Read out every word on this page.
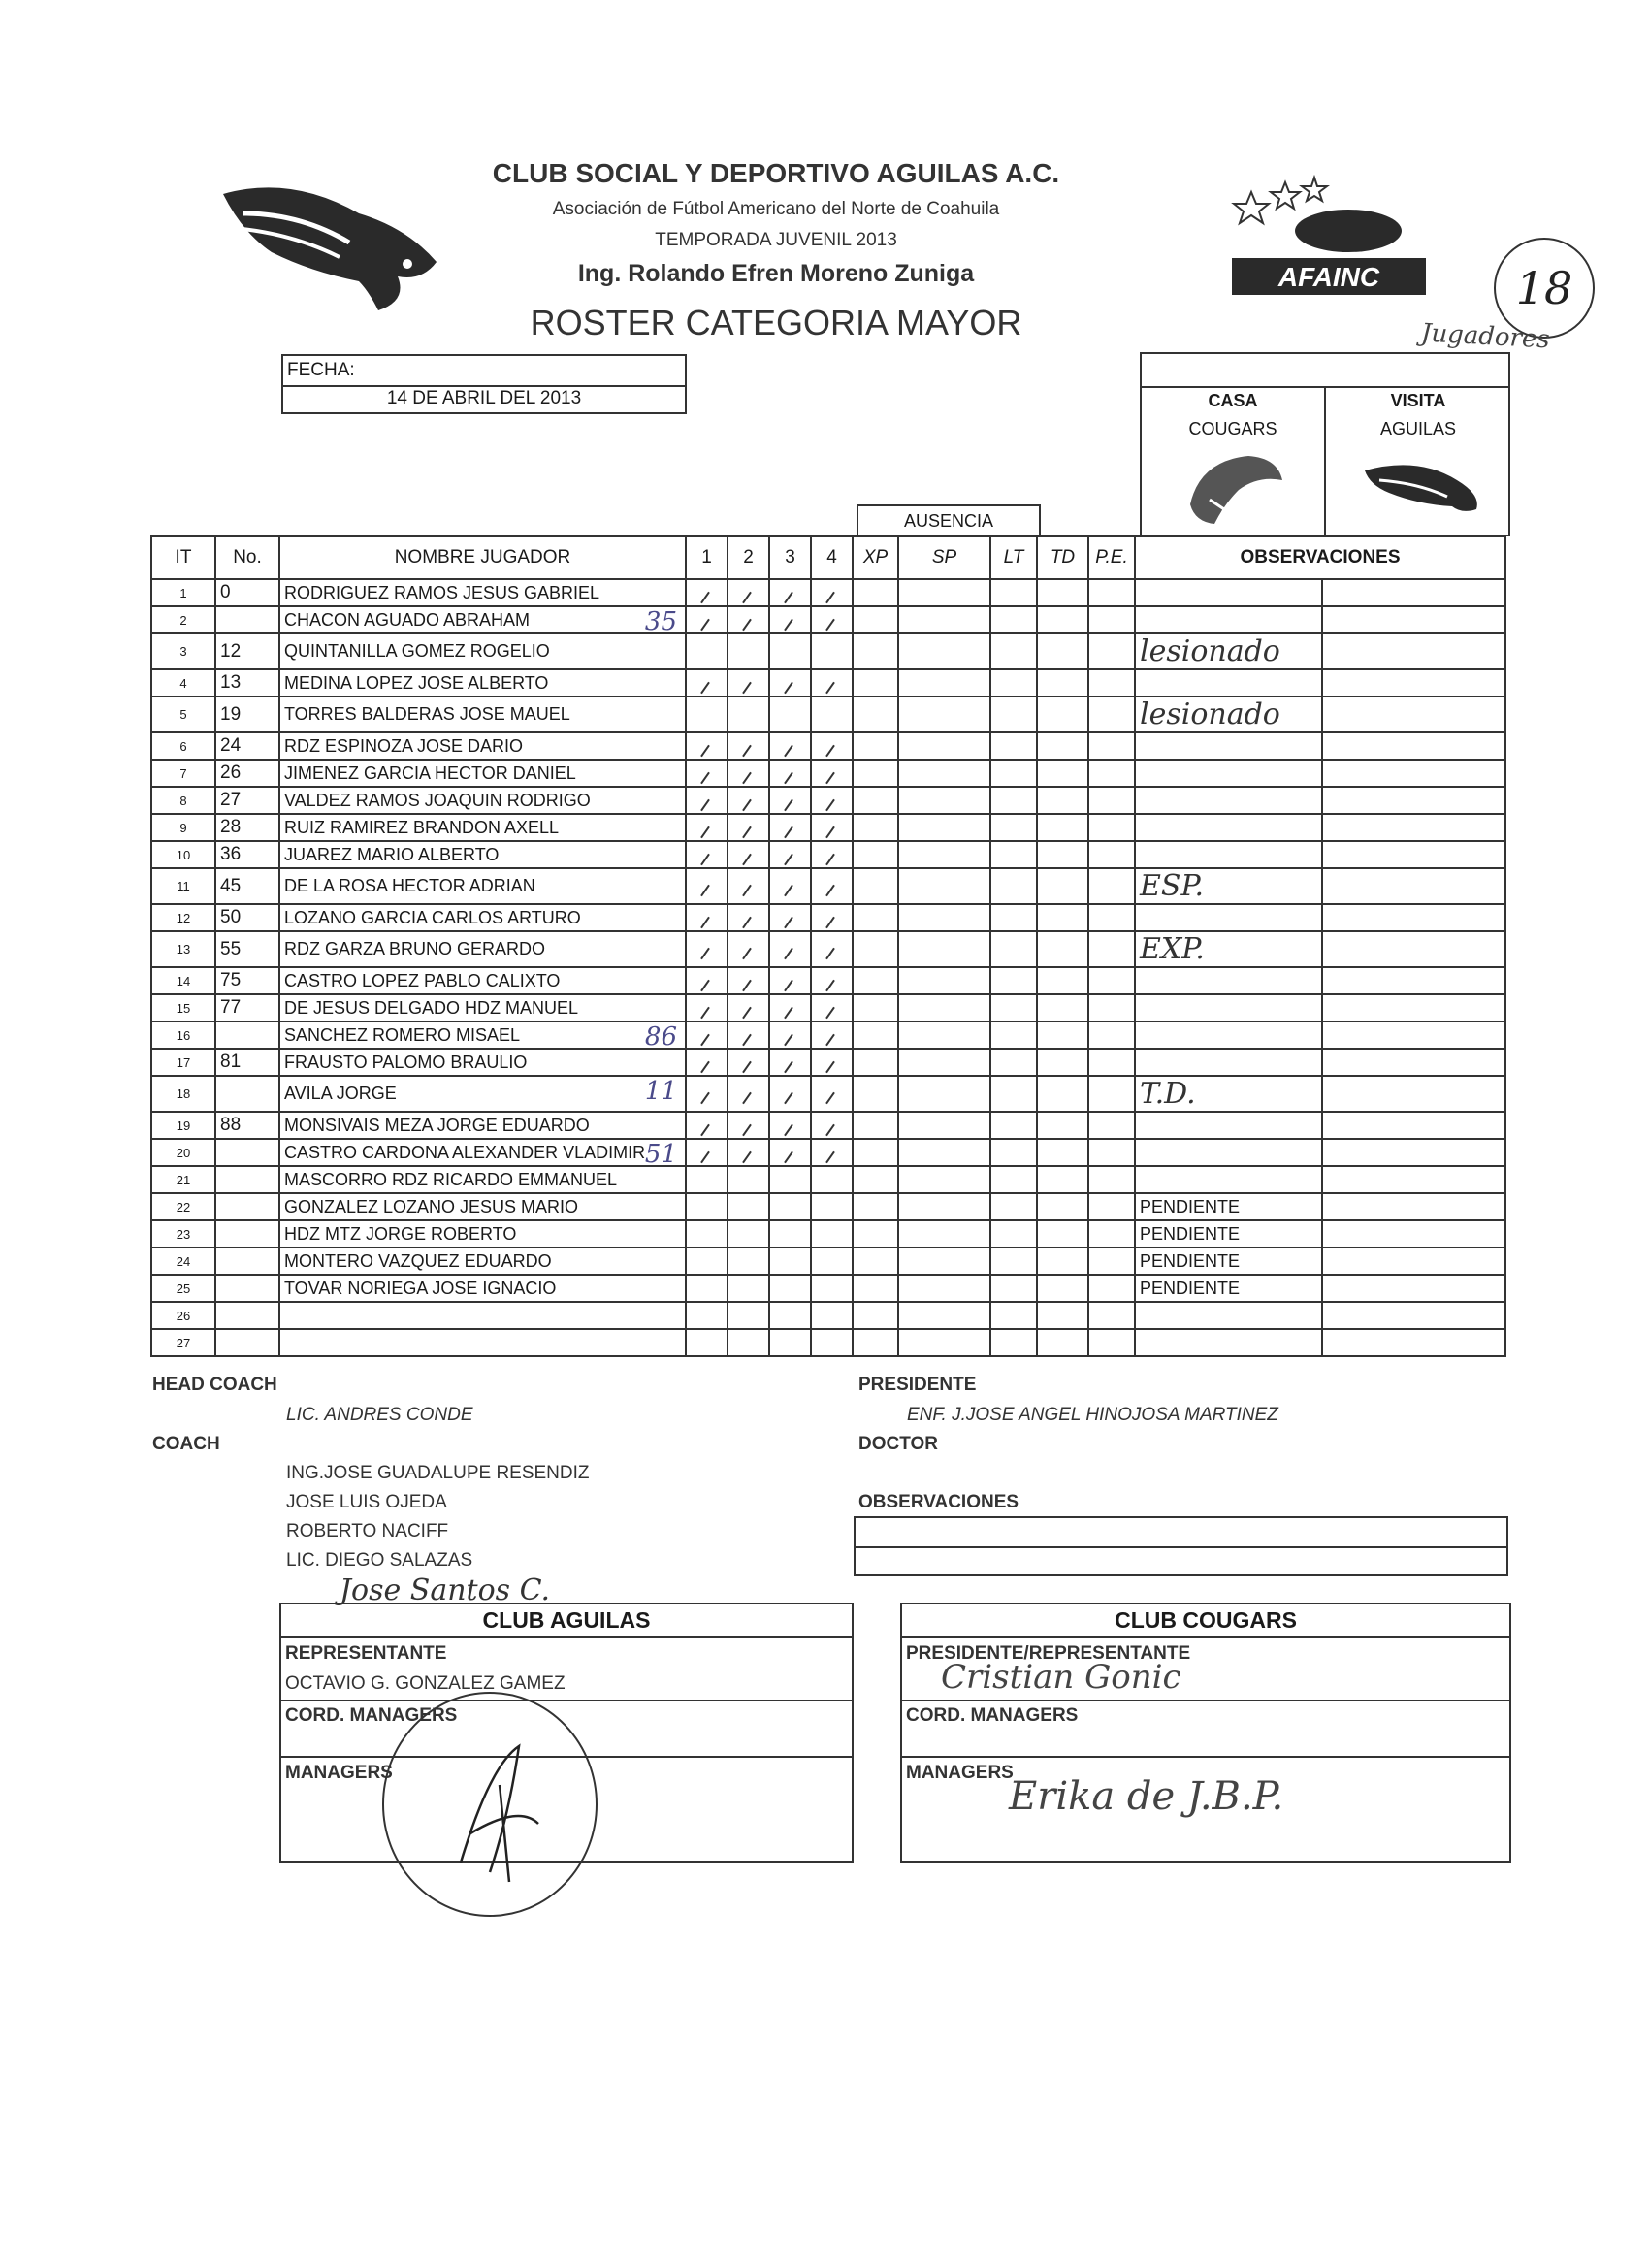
AFAINC	18
Jugadores
CLUB SOCIAL Y DEPORTIVO AGUILAS A.C.
Asociación de Fútbol Americano del Norte de Coahuila
TEMPORADA JUVENIL 2013
Ing. Rolando Efren Moreno Zuniga
ROSTER CATEGORIA MAYOR
FECHA:
14 DE ABRIL DEL 2013	CASA
COUGARS
VISITA
AGUILAS
AUSENCIA
IT	No.	NOMBRE JUGADOR	1	2	3	4	XP	SP	LT	TD	P.E.	OBSERVACIONES	
1	0	RODRIGUEZ RAMOS JESUS GABRIEL											
2		CHACON AGUADO ABRAHAM 35											

3	12	QUINTANILLA GOMEZ ROGELIO										lesionado	
4	13	MEDINA LOPEZ JOSE ALBERTO											
5	19	TORRES BALDERAS JOSE MAUEL										lesionado	
6	24	RDZ ESPINOZA JOSE DARIO											
7	26	JIMENEZ GARCIA HECTOR DANIEL											
8	27	VALDEZ RAMOS JOAQUIN RODRIGO											
9	28	RUIZ RAMIREZ BRANDON AXELL											
10	36	JUAREZ MARIO ALBERTO											
11	45	DE LA ROSA HECTOR ADRIAN										ESP.	
12	50	LOZANO GARCIA CARLOS ARTURO											
13	55	RDZ GARZA BRUNO GERARDO										EXP.	
14	75	CASTRO LOPEZ PABLO CALIXTO											
15	77	DE JESUS DELGADO HDZ MANUEL											
16		SANCHEZ ROMERO MISAEL 86											

17	81	FRAUSTO PALOMO BRAULIO											
18		AVILA JORGE 11										T.D.	
19	88	MONSIVAIS MEZA JORGE EDUARDO											
20		CASTRO CARDONA ALEXANDER VLADIMIR 51											

21		MASCORRO RDZ RICARDO EMMANUEL											
22		GONZALEZ LOZANO JESUS MARIO										PENDIENTE	
23		HDZ MTZ JORGE ROBERTO										PENDIENTE	
24		MONTERO VAZQUEZ EDUARDO										PENDIENTE	
25		TOVAR NORIEGA JOSE IGNACIO										PENDIENTE	
26													
27													
HEAD COACH
LIC. ANDRES CONDE
COACH
ING.JOSE GUADALUPE RESENDIZ
JOSE LUIS OJEDA
ROBERTO NACIFF
LIC. DIEGO SALAZAS
Jose Santos C.
PRESIDENTE
ENF. J.JOSE ANGEL HINOJOSA MARTINEZ
DOCTOR
OBSERVACIONES
CLUB AGUILAS
REPRESENTANTE
OCTAVIO G. GONZALEZ GAMEZ
CORD. MANAGERS
MANAGERS
CLUB COUGARS
PRESIDENTE/REPRESENTANTE
Cristian Gonic
CORD. MANAGERS
MANAGERS
Erika de J.B.P.
